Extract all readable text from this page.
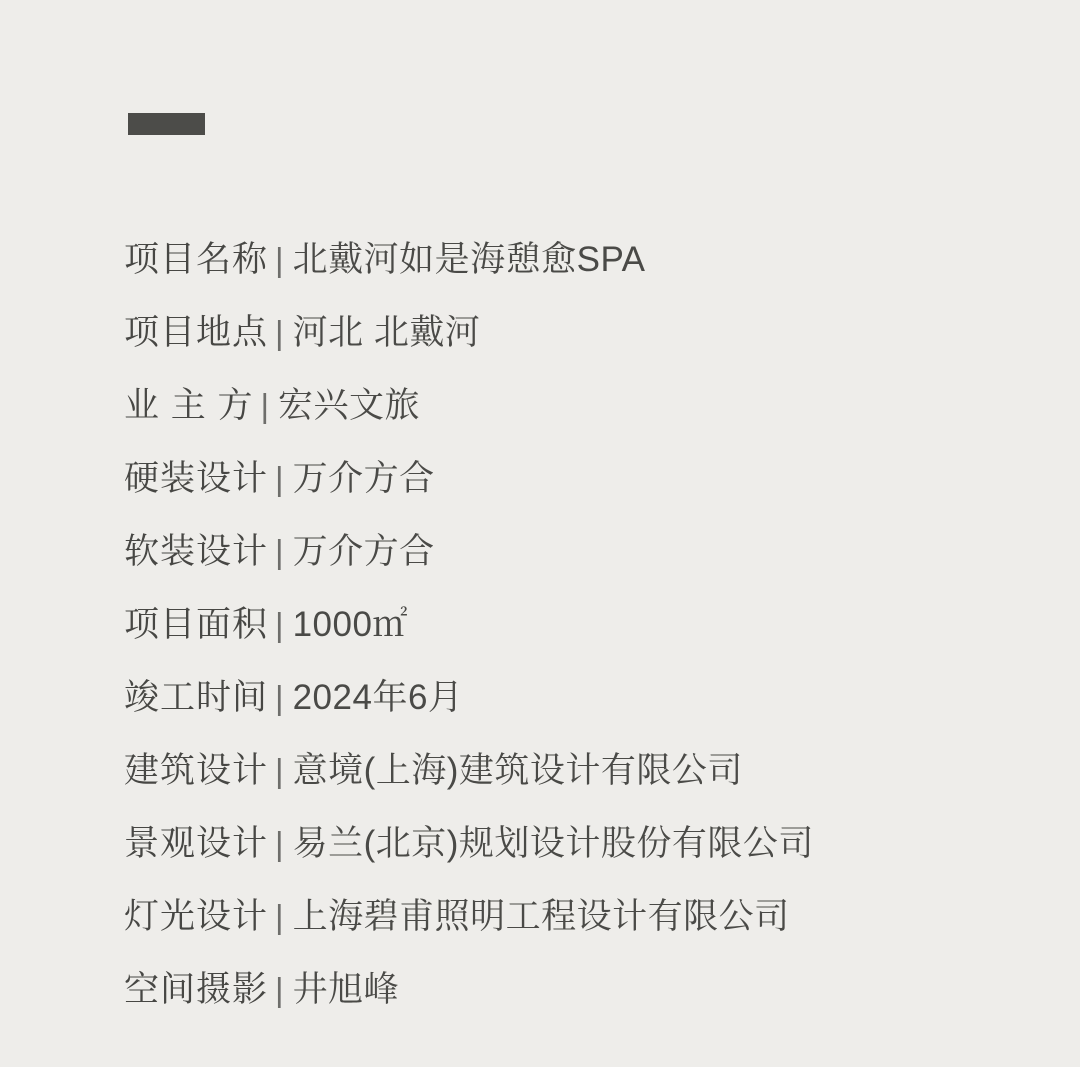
项目名称 | 北戴河如是海憩愈SPA
项目地点 | 河北 北戴河
业 主 方 | 宏兴文旅
硬装设计 | 万介方合
软装设计 | 万介方合
项目面积 | 1000㎡
竣工时间 | 2024年6月
建筑设计 | 意境(上海)建筑设计有限公司
景观设计 | 易兰(北京)规划设计股份有限公司
灯光设计 | 上海碧甫照明工程设计有限公司
空间摄影 | 井旭峰
